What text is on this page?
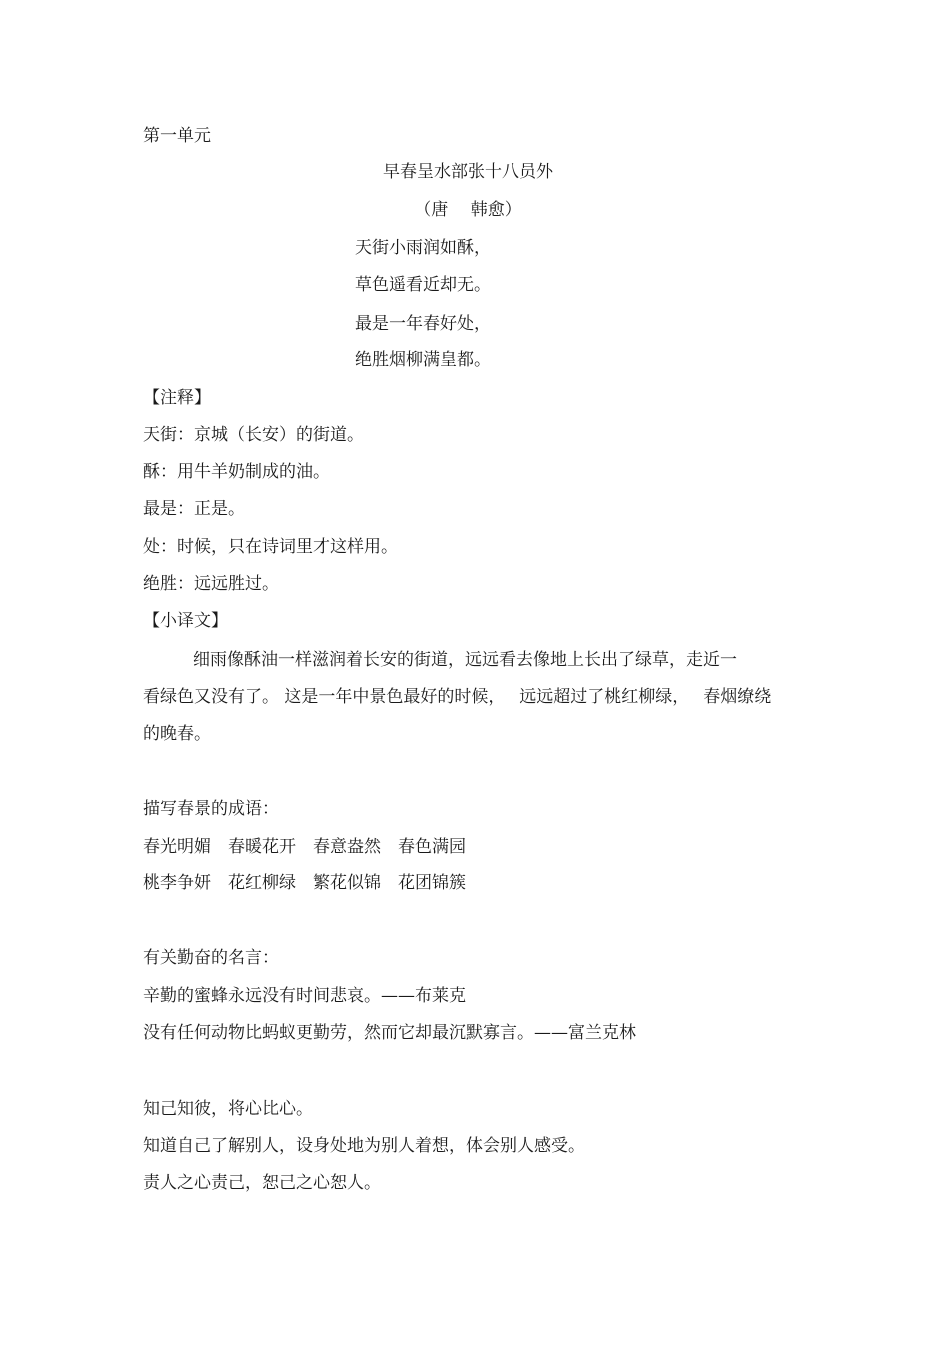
第一单元
早春呈水部张十八员外
（唐　 韩愈）
天街小雨润如酥，
草色遥看近却无。
最是一年春好处，
绝胜烟柳满皇都。
【注释】
天街：京城（长安）的街道。
酥：用牛羊奶制成的油。
最是：正是。
处：时候，只在诗词里才这样用。
绝胜：远远胜过。
【小译文】
细雨像酥油一样滋润着长安的街道，远远看去像地上长出了绿草，走近一
看绿色又没有了。 这是一年中景色最好的时候，　 远远超过了桃红柳绿，　 春烟缭绕
的晚春。
描写春景的成语：
春光明媚　春暖花开　春意盎然　春色满园
桃李争妍　花红柳绿　繁花似锦　花团锦簇
有关勤奋的名言：
辛勤的蜜蜂永远没有时间悲哀。——布莱克
没有任何动物比蚂蚁更勤劳，然而它却最沉默寡言。——富兰克林
知己知彼，将心比心。
知道自己了解别人，设身处地为别人着想，体会别人感受。
责人之心责己，恕己之心恕人。
